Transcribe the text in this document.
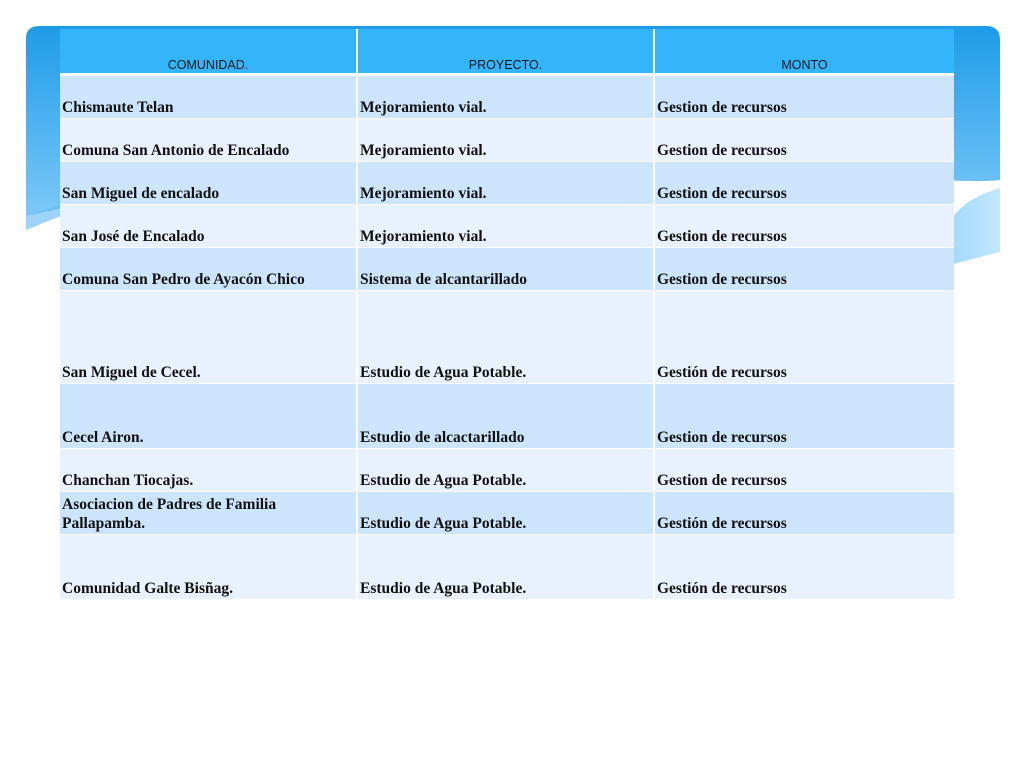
COMUNIDAD.	PROYECTO.	MONTO
Chismaute Telan	Mejoramiento vial.	Gestion de recursos
Comuna San Antonio de Encalado	Mejoramiento vial.	Gestion de recursos
San Miguel de encalado	Mejoramiento vial.	Gestion de recursos
San José de Encalado	Mejoramiento vial.	Gestion de recursos
Comuna San Pedro de Ayacón Chico	Sistema de alcantarillado	Gestion de recursos
San Miguel de Cecel.	Estudio de Agua Potable.	Gestión de recursos
Cecel Airon.	Estudio de alcactarillado	Gestion de recursos
Chanchan Tiocajas.	Estudio de Agua Potable.	Gestion de recursos
Asociacion de Padres de Familia Pallapamba.	Estudio de Agua Potable.	Gestión de recursos
Comunidad Galte Bisñag.	Estudio de Agua Potable.	Gestión de recursos
